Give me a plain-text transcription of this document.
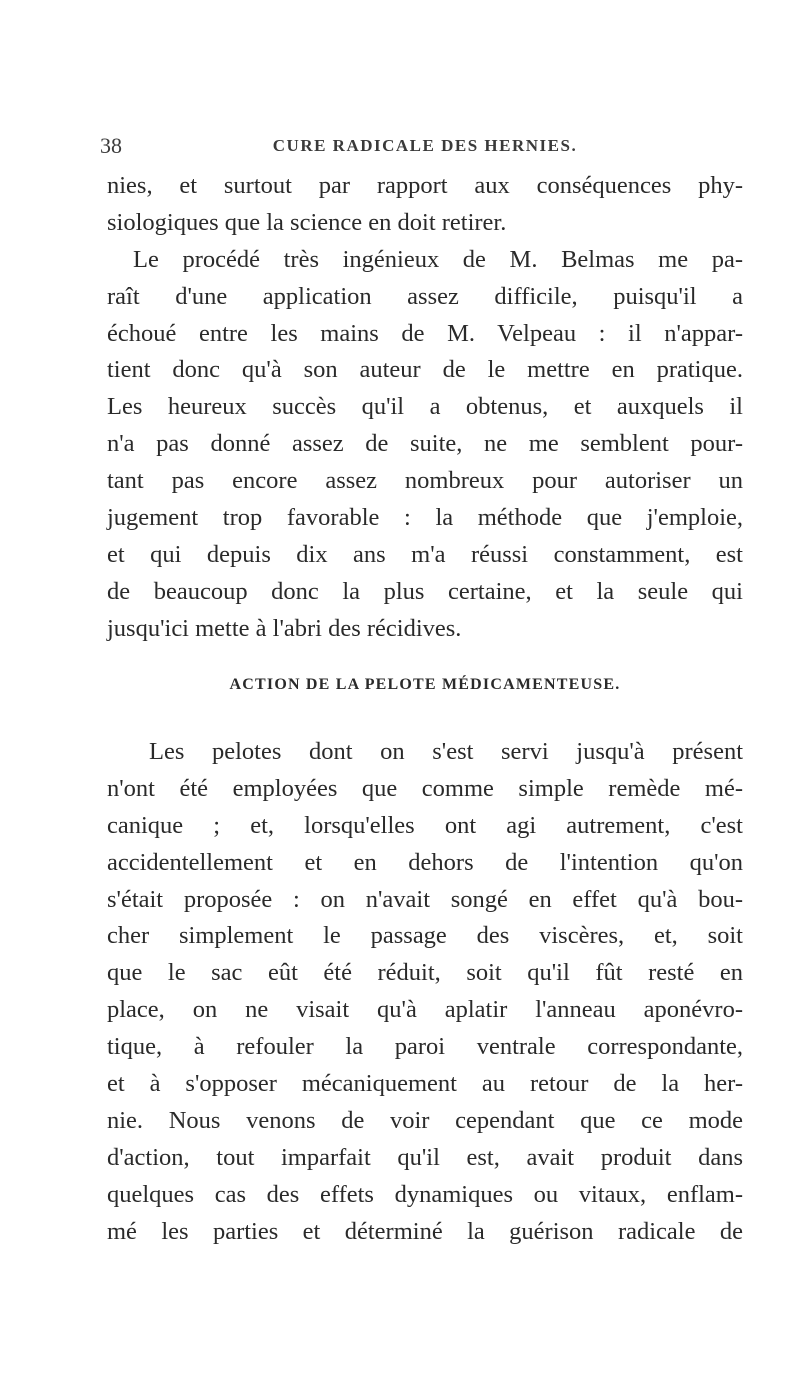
38	CURE RADICALE DES HERNIES.
nies, et surtout par rapport aux conséquences phy-
siologiques que la science en doit retirer.
Le procédé très ingénieux de M. Belmas me pa-
raît d'une application assez difficile, puisqu'il a
échoué entre les mains de M. Velpeau : il n'appar-
tient donc qu'à son auteur de le mettre en pratique.
Les heureux succès qu'il a obtenus, et auxquels il
n'a pas donné assez de suite, ne me semblent pour-
tant pas encore assez nombreux pour autoriser un
jugement trop favorable : la méthode que j'emploie,
et qui depuis dix ans m'a réussi constamment, est
de beaucoup donc la plus certaine, et la seule qui
jusqu'ici mette à l'abri des récidives.
ACTION DE LA PELOTE MÉDICAMENTEUSE.
Les pelotes dont on s'est servi jusqu'à présent
n'ont été employées que comme simple remède mé-
canique ; et, lorsqu'elles ont agi autrement, c'est
accidentellement et en dehors de l'intention qu'on
s'était proposée : on n'avait songé en effet qu'à bou-
cher simplement le passage des viscères, et, soit
que le sac eût été réduit, soit qu'il fût resté en
place, on ne visait qu'à aplatir l'anneau aponévro-
tique, à refouler la paroi ventrale correspondante,
et à s'opposer mécaniquement au retour de la her-
nie. Nous venons de voir cependant que ce mode
d'action, tout imparfait qu'il est, avait produit dans
quelques cas des effets dynamiques ou vitaux, enflam-
mé les parties et déterminé la guérison radicale de
